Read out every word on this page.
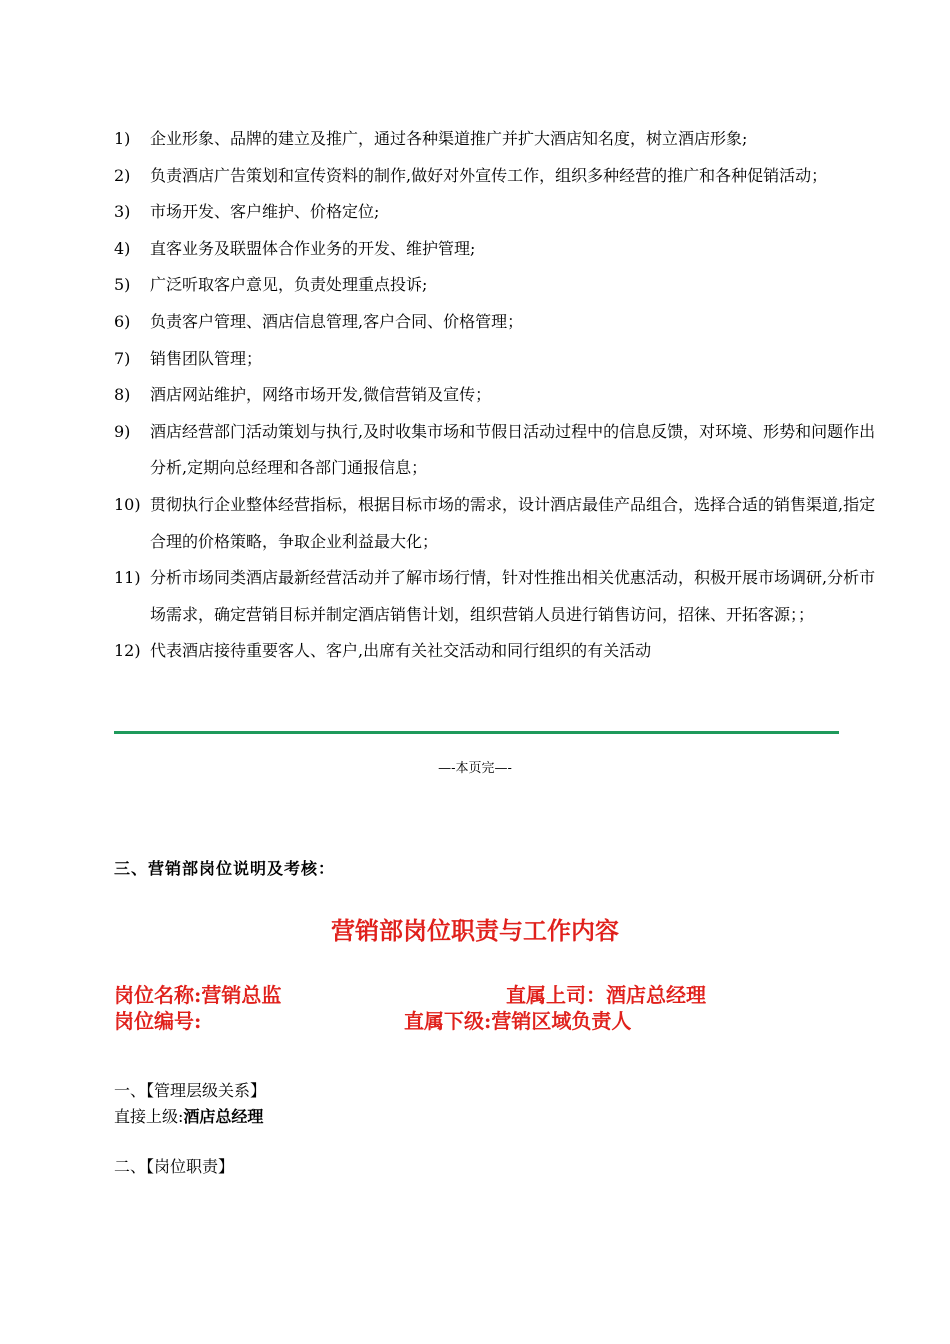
1)	企业形象、品牌的建立及推广，通过各种渠道推广并扩大酒店知名度，树立酒店形象;
2)	负责酒店广告策划和宣传资料的制作,做好对外宣传工作，组织多种经营的推广和各种促销活动；
3)	市场开发、客户维护、价格定位;
4)	直客业务及联盟体合作业务的开发、维护管理;
5)	广泛听取客户意见，负责处理重点投诉;
6)	负责客户管理、酒店信息管理,客户合同、价格管理；
7)	销售团队管理；
8)	酒店网站维护，网络市场开发,微信营销及宣传；
9)	酒店经营部门活动策划与执行,及时收集市场和节假日活动过程中的信息反馈，对环境、形势和问题作出分析,定期向总经理和各部门通报信息；
10) 贯彻执行企业整体经营指标，根据目标市场的需求，设计酒店最佳产品组合，选择合适的销售渠道,指定合理的价格策略，争取企业利益最大化；
11) 分析市场同类酒店最新经营活动并了解市场行情，针对性推出相关优惠活动，积极开展市场调研,分析市场需求，确定营销目标并制定酒店销售计划，组织营销人员进行销售访问，招徕、开拓客源；；
12) 代表酒店接待重要客人、客户,出席有关社交活动和同行组织的有关活动
—-本页完—-
三、营销部岗位说明及考核：
营销部岗位职责与工作内容
岗位名称:营销总监	直属上司：酒店总经理
岗位编号:	直属下级:营销区域负责人
一、【管理层级关系】
直接上级:酒店总经理
二、【岗位职责】
